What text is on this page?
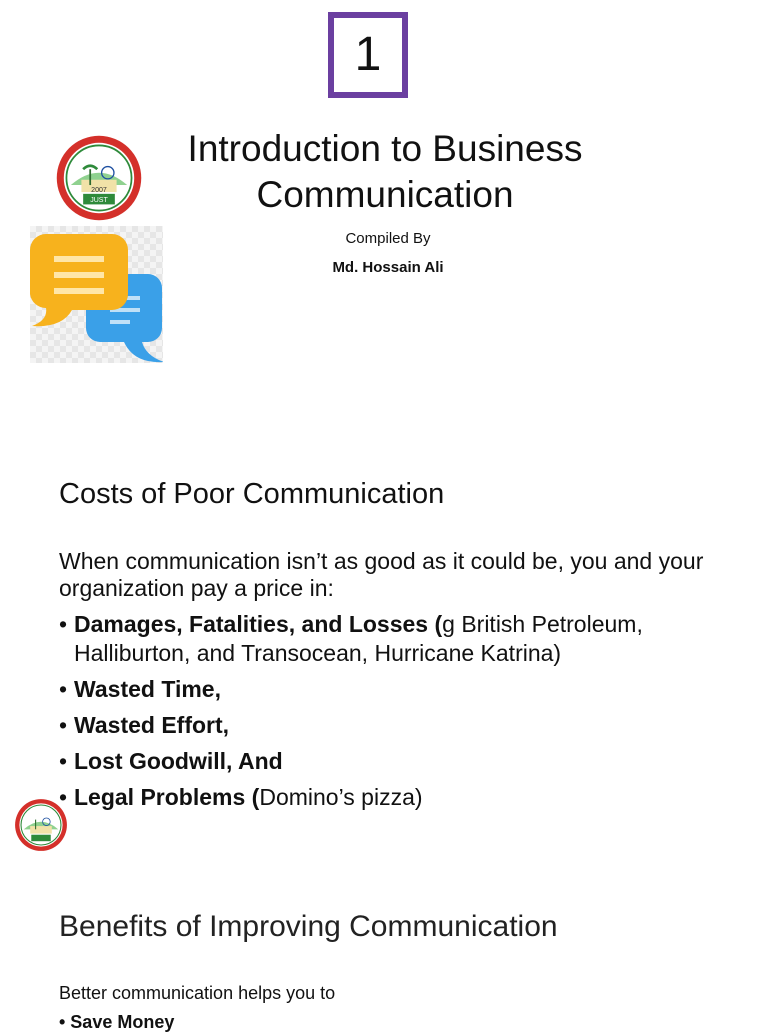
1
2007
JUST
Introduction to Business
Communication
Compiled By
Md. Hossain Ali
Costs of Poor Communication
When communication isn’t as good as it could be, you and your organization pay a price in:
• Damages, Fatalities, and Losses (g British Petroleum, Halliburton, and Transocean, Hurricane Katrina)
• Wasted Time,
• Wasted Effort,
• Lost Goodwill, And
• Legal Problems (Domino’s pizza)
Benefits of Improving Communication
Better communication helps you to
• Save Money
